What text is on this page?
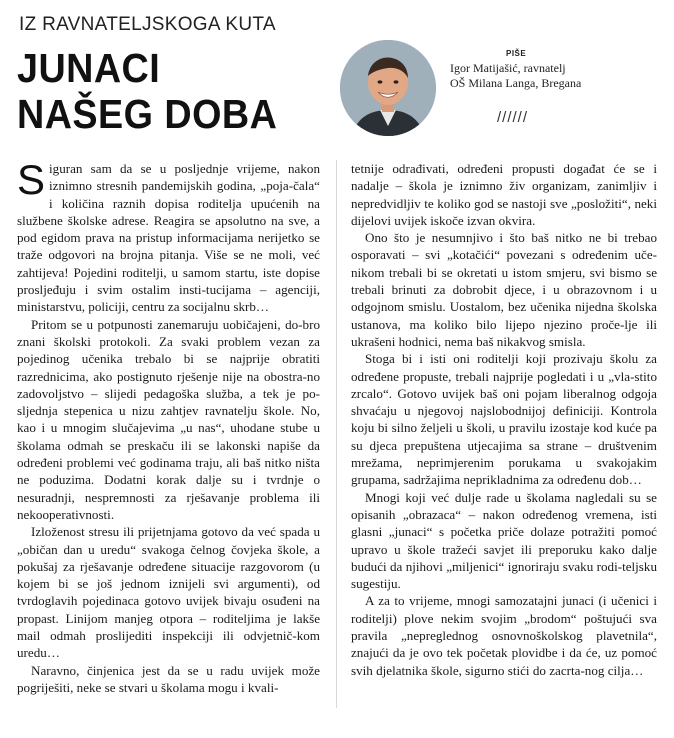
IZ RAVNATELJSKOGA KUTA
JUNACI
NAŠEG DOBA
PIŠE
Igor Matijašić, ravnatelj
OŠ Milana Langa, Bregana
//////

Siguran sam da se u posljednje vrijeme, nakon iznimno stresnih pandemijskih godina, „poja-čala“ i količina raznih dopisa roditelja upućenih na službene školske adrese. Reagira se apsolutno na sve, a pod egidom prava na pristup informacijama nerijetko se traže odgovori na brojna pitanja. Više se ne moli, već zahtijeva! Pojedini roditelji, u samom startu, iste dopise prosljeđuju i svim ostalim insti-tucijama – agenciji, ministarstvu, policiji, centru za socijalnu skrb…

Pritom se u potpunosti zanemaruju uobičajeni, do-bro znani školski protokoli. Za svaki problem vezan za pojedinog učenika trebalo bi se najprije obratiti razrednicima, ako postignuto rješenje nije na obostra-no zadovoljstvo – slijedi pedagoška služba, a tek je po-sljednja stepenica u nizu zahtjev ravnatelju škole. No, kao i u mnogim slučajevima „u nas“, uhodane stube u školama odmah se preskaču ili se lakonski napiše da određeni problemi već godinama traju, ali baš nitko ništa ne poduzima. Dodatni korak dalje su i tvrdnje o nesuradnji, nespremnosti za rješavanje problema ili nekooperativnosti.

Izloženost stresu ili prijetnjama gotovo da već spada u „običan dan u uredu“ svakoga čelnog čovjeka škole, a pokušaj za rješavanje određene situacije razgovorom (u kojem bi se još jednom iznijeli svi argumenti), od tvrdoglavih pojedinaca gotovo uvijek bivaju osuđeni na propast. Linijom manjeg otpora – roditeljima je lakše mail odmah proslijediti inspekciji ili odvjetnič-kom uredu…

Naravno, činjenica jest da se u radu uvijek može pogriješiti, neke se stvari u školama mogu i kvali-

tetnije odrađivati, određeni propusti događat će se i nadalje – škola je iznimno živ organizam, zanimljiv i nepredvidljiv te koliko god se nastoji sve „posložiti“, neki dijelovi uvijek iskoče izvan okvira.

Ono što je nesumnjivo i što baš nitko ne bi trebao osporavati – svi „kotačići“ povezani s određenim uče-nikom trebali bi se okretati u istom smjeru, svi bismo se trebali brinuti za dobrobit djece, i u obrazovnom i u odgojnom smislu. Uostalom, bez učenika nijedna školska ustanova, ma koliko bilo lijepo njezino proče-lje ili ukrašeni hodnici, nema baš nikakvog smisla.

Stoga bi i isti oni roditelji koji prozivaju školu za određene propuste, trebali najprije pogledati i u „vla-stito zrcalo“. Gotovo uvijek baš oni pojam liberalnog odgoja shvaćaju u njegovoj najslobodnijoj definiciji. Kontrola koju bi silno željeli u školi, u pravilu izostaje kod kuće pa su djeca prepuštena utjecajima sa strane – društvenim mrežama, neprimjerenim porukama u svakojakim grupama, sadržajima neprikladnima za određenu dob…

Mnogi koji već dulje rade u školama nagledali su se opisanih „obrazaca“ – nakon određenog vremena, isti glasni „junaci“ s početka priče dolaze potražiti pomoć upravo u škole tražeći savjet ili preporuku kako dalje budući da njihovi „miljenici“ ignoriraju svaku rodi-teljsku sugestiju.

A za to vrijeme, mnogi samozatajni junaci (i učenici i roditelji) plove nekim svojim „brodom“ poštujući sva pravila „nepreglednog osnovnoškolskog plavetnila“, znajući da je ovo tek početak plovidbe i da će, uz pomoć svih djelatnika škole, sigurno stići do zacrta-nog cilja…
